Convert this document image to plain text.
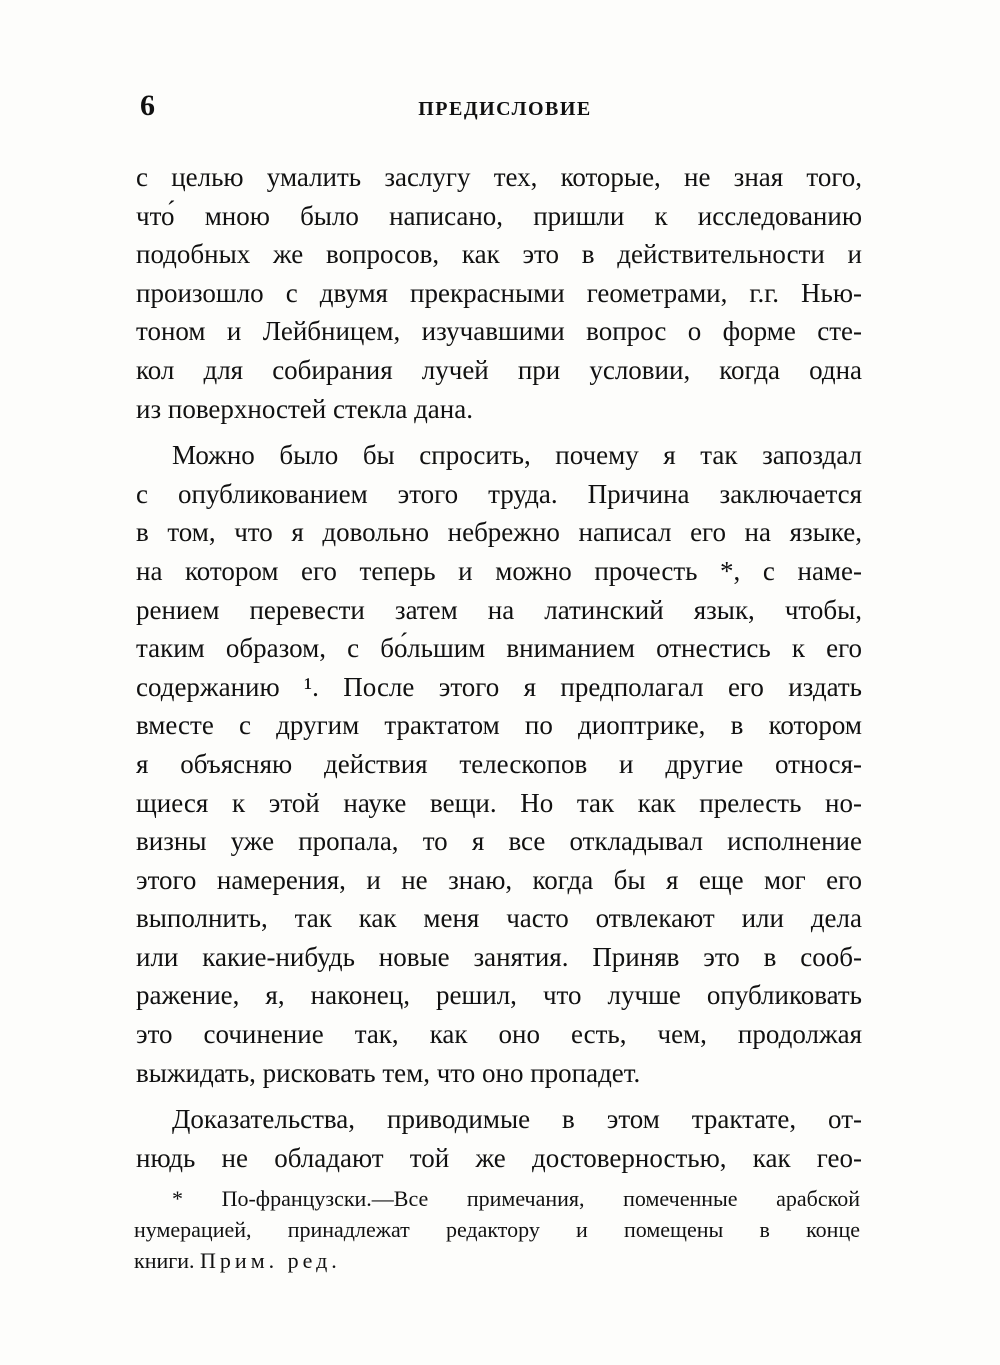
6	ПРЕДИСЛОВИЕ
с целью умалить заслугу тех, которые, не зная того,
что́ мною было написано, пришли к исследованию
подобных же вопросов, как это в действительности и
произошло с двумя прекрасными геометрами, г.г. Нью-
тоном и Лейбницем, изучавшими вопрос о форме сте-
кол для собирания лучей при условии, когда одна
из поверхностей стекла дана.
Можно было бы спросить, почему я так запоздал
с опубликованием этого труда. Причина заключается
в том, что я довольно небрежно написал его на языке,
на котором его теперь и можно прочесть *, с наме-
рением перевести затем на латинский язык, чтобы,
таким образом, с бо́льшим вниманием отнестись к его
содержанию ¹. После этого я предполагал его издать
вместе с другим трактатом по диоптрике, в котором
я объясняю действия телескопов и другие относя-
щиеся к этой науке вещи. Но так как прелесть но-
визны уже пропала, то я все откладывал исполнение
этого намерения, и не знаю, когда бы я еще мог его
выполнить, так как меня часто отвлекают или дела
или какие-нибудь новые занятия. Приняв это в сооб-
ражение, я, наконец, решил, что лучше опубликовать
это сочинение так, как оно есть, чем, продолжая
выжидать, рисковать тем, что оно пропадет.
Доказательства, приводимые в этом трактате, от-
нюдь не обладают той же достоверностью, как гео-
* По-французски.—Все примечания, помеченные арабской
нумерацией, принадлежат редактору и помещены в конце
книги. Прим. ред.
